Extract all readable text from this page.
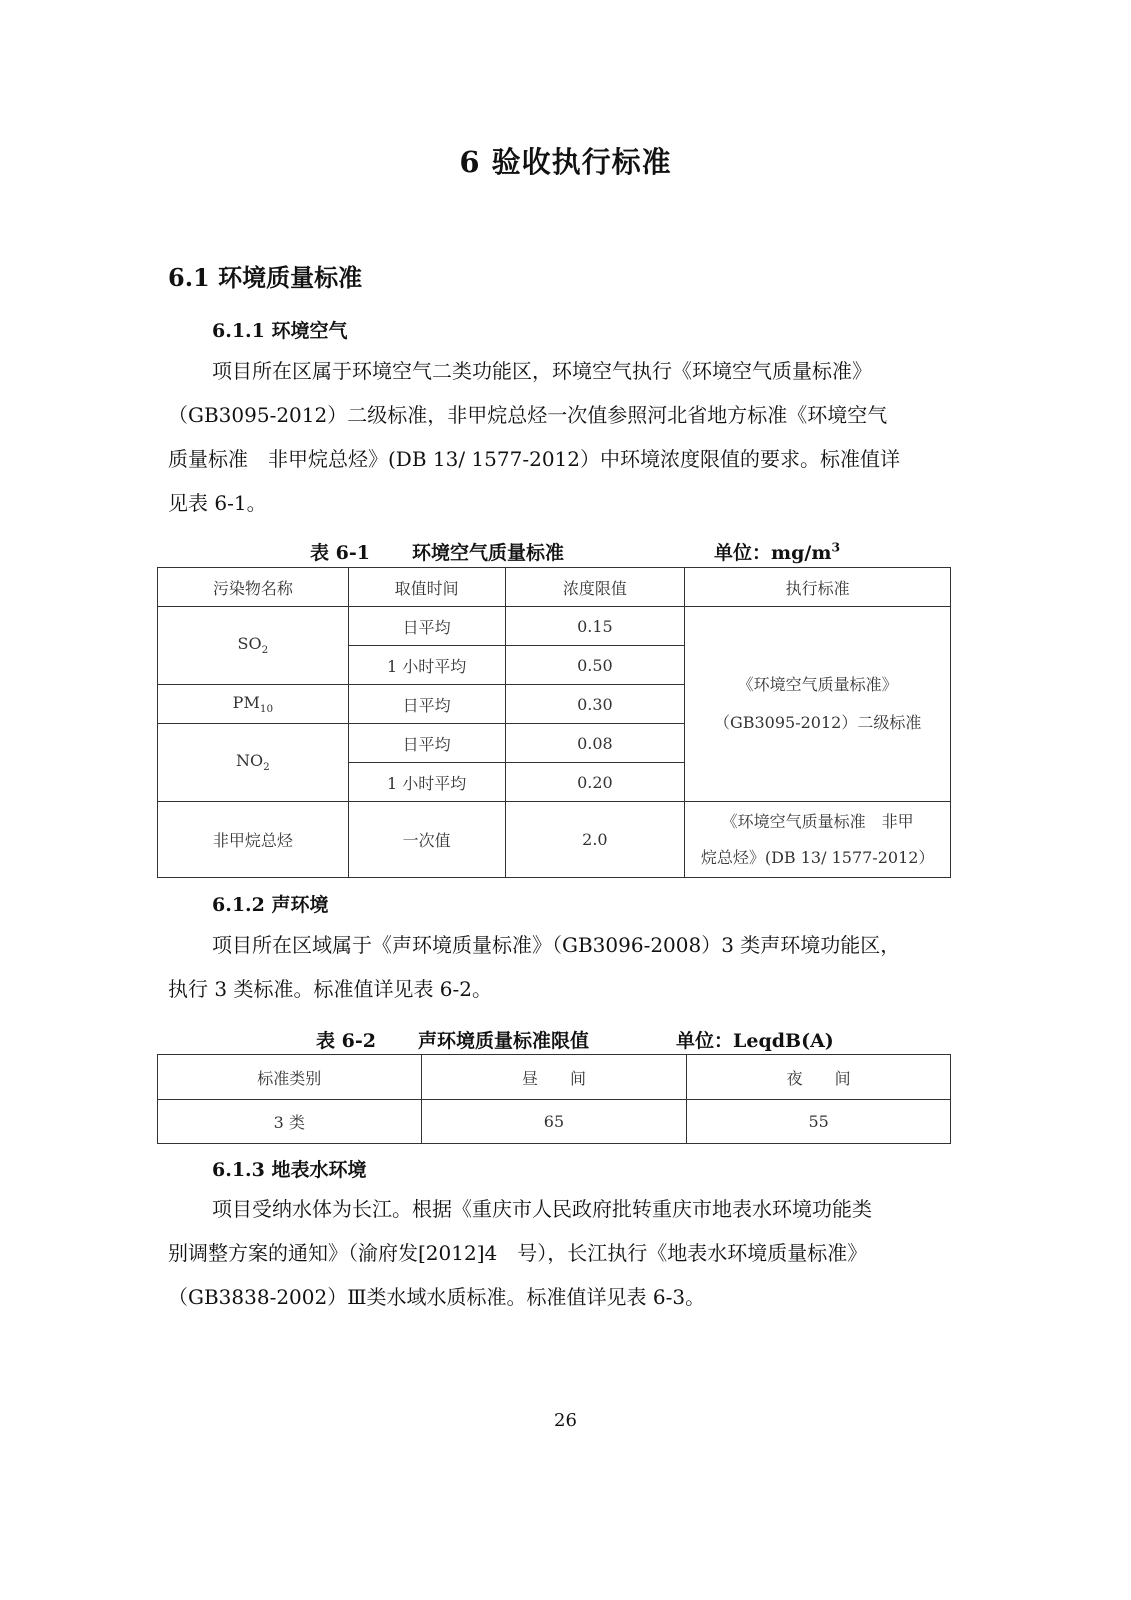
6 验收执行标准
6.1 环境质量标准
6.1.1 环境空气
项目所在区属于环境空气二类功能区，环境空气执行《环境空气质量标准》
（GB3095-2012）二级标准，非甲烷总烃一次值参照河北省地方标准《环境空气
质量标准　非甲烷总烃》(DB 13/ 1577-2012）中环境浓度限值的要求。标准值详
见表 6-1。
表 6-1 环境空气质量标准	单位：$mg/m^3$
污染物名称	取值时间	浓度限值	执行标准
$SO_2$	日平均	0.15	《环境空气质量标准》
（GB3095-2012）二级标准

	1 小时平均	0.50	
$PM_{10}$	日平均	0.30	
$NO_2$	日平均	0.08	
	1 小时平均	0.20	
非甲烷总烃	一次值	2.0	《环境空气质量标准　非甲
烷总烃》(DB 13/ 1577-2012）
6.1.2 声环境
项目所在区域属于《声环境质量标准》（GB3096-2008）3 类声环境功能区，
执行 3 类标准。标准值详见表 6-2。
表 6-2 声环境质量标准限值	单位：LeqdB(A)
标准类别	昼　　间	夜　　间
3 类	65	55
6.1.3 地表水环境
项目受纳水体为长江。根据《重庆市人民政府批转重庆市地表水环境功能类
别调整方案的通知》（渝府发[2012]4　号），长江执行《地表水环境质量标准》
（GB3838-2002）Ⅲ类水域水质标准。标准值详见表 6-3。
26
